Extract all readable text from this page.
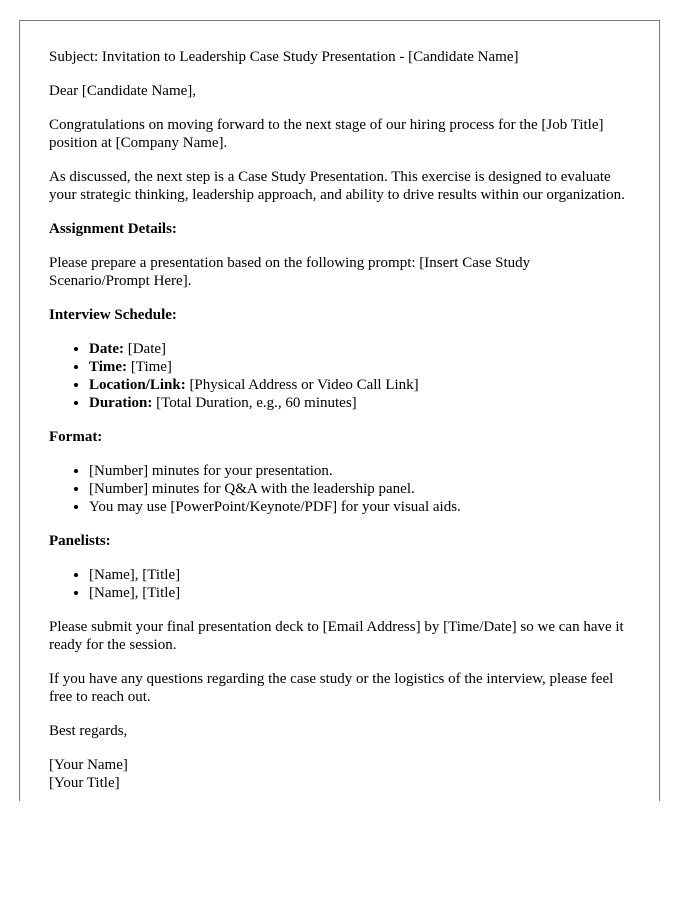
Subject: Invitation to Leadership Case Study Presentation - [Candidate Name]

Dear [Candidate Name],

Congratulations on moving forward to the next stage of our hiring process for the [Job Title] position at [Company Name].

As discussed, the next step is a Case Study Presentation. This exercise is designed to evaluate your strategic thinking, leadership approach, and ability to drive results within our organization.

Assignment Details:

Please prepare a presentation based on the following prompt: [Insert Case Study Scenario/Prompt Here].

Interview Schedule:

• Date: [Date]
• Time: [Time]
• Location/Link: [Physical Address or Video Call Link]
• Duration: [Total Duration, e.g., 60 minutes]

Format:

• [Number] minutes for your presentation.
• [Number] minutes for Q&A with the leadership panel.
• You may use [PowerPoint/Keynote/PDF] for your visual aids.

Panelists:

• [Name], [Title]
• [Name], [Title]

Please submit your final presentation deck to [Email Address] by [Time/Date] so we can have it ready for the session.

If you have any questions regarding the case study or the logistics of the interview, please feel free to reach out.

Best regards,

[Your Name]

[Your Title]
